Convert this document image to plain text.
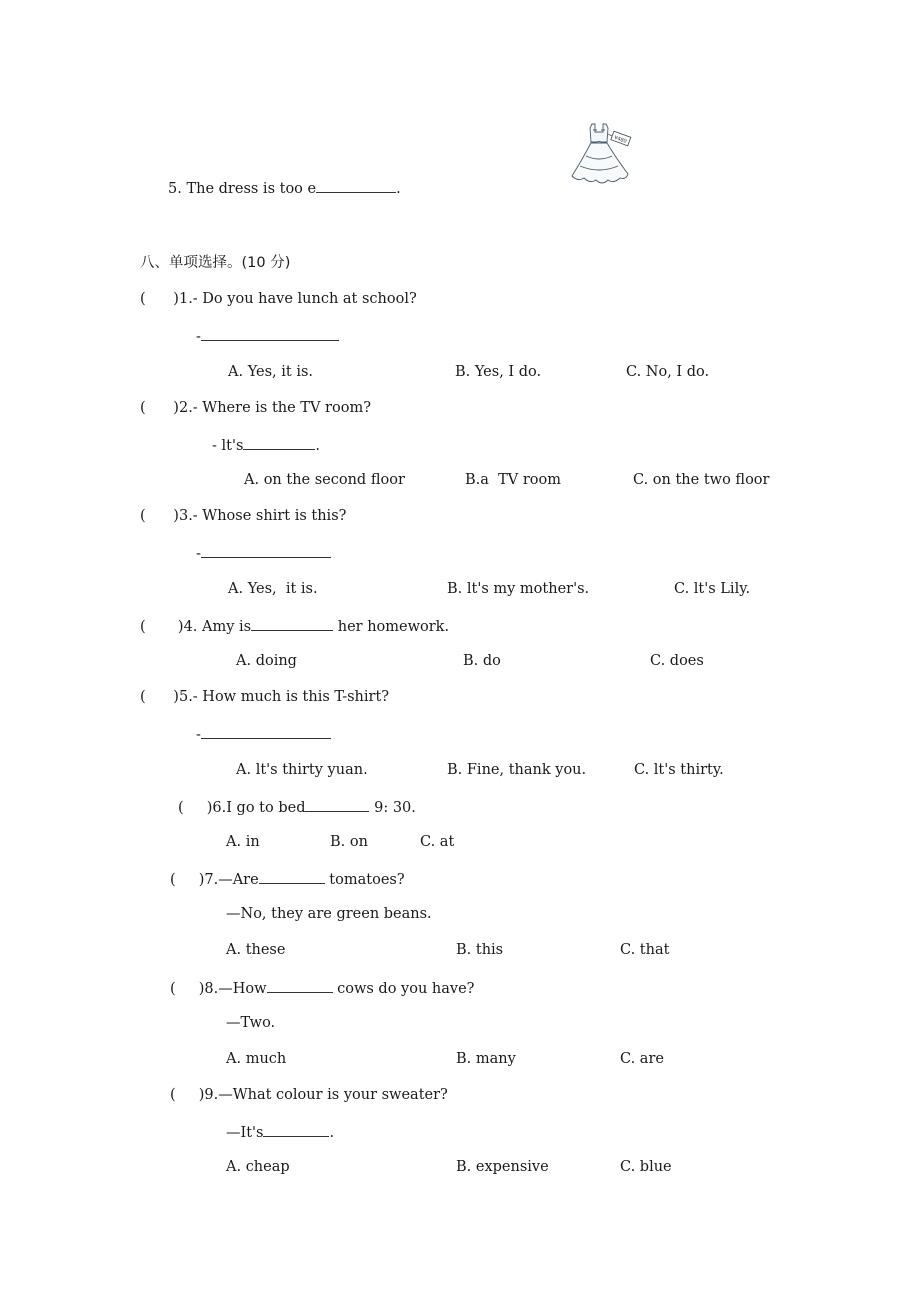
5. The dress is too e	.
¥480
八、单项选择。(10 分)
(      )1.- Do you have lunch at school?
-
A. Yes, it is.	B. Yes, I do.	C. No, I do.
(      )2.- Where is the TV room?
- lt's	.
A. on the second floor	B.a  TV room	C. on the two floor
(      )3.- Whose shirt is this?
-
A. Yes,  it is.	B. lt's my mother's.	C. lt's Lily.
(       )4. Amy is	her homework.
A. doing	B. do	C. does
(      )5.- How much is this T-shirt?
-
A. lt's thirty yuan.	B. Fine, thank you.	C. lt's thirty.
(     )6.I go to bed	9: 30.
A. in	B. on	C. at
(     )7.—Are	tomatoes?
—No, they are green beans.
A. these	B. this	C. that
(     )8.—How	cows do you have?
—Two.
A. much	B. many	C. are
(     )9.—What colour is your sweater?
—It's	.
A. cheap	B. expensive	C. blue
